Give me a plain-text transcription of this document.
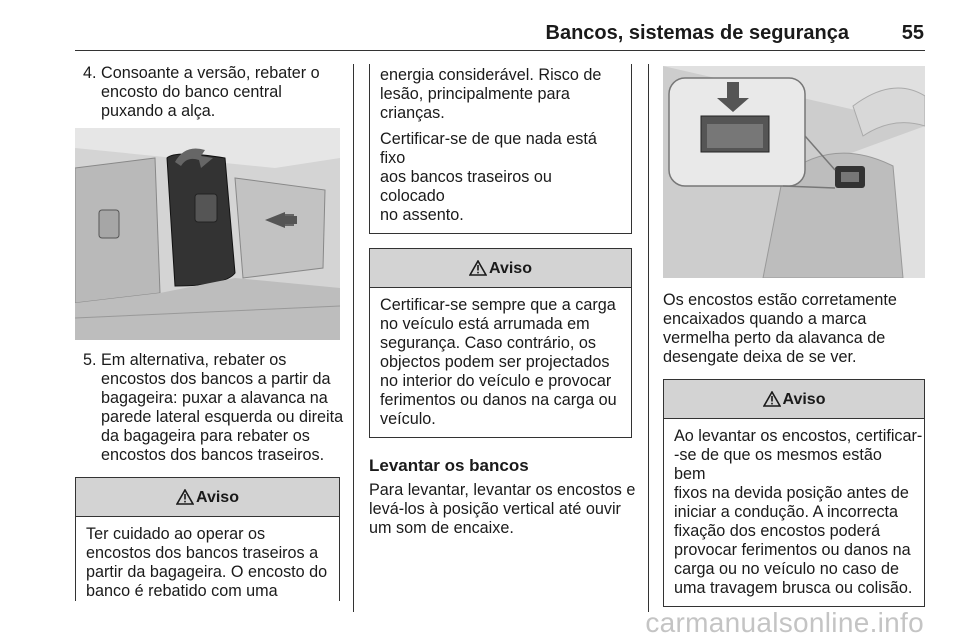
Bancos, sistemas de segurança	55
4. Consoante a versão, rebater o
encosto do banco central
puxando a alça.
5. Em alternativa, rebater os
encostos dos bancos a partir da
bagageira: puxar a alavanca na
parede lateral esquerda ou direita
da bagageira para rebater os
encostos dos bancos traseiros.
Aviso
Ter cuidado ao operar os
encostos dos bancos traseiros a
partir da bagageira. O encosto do
banco é rebatido com uma
energia considerável. Risco de
lesão, principalmente para
crianças.
Certificar-se de que nada está fixo
aos bancos traseiros ou colocado
no assento.
Aviso
Certificar-se sempre que a carga
no veículo está arrumada em
segurança. Caso contrário, os
objectos podem ser projectados
no interior do veículo e provocar
ferimentos ou danos na carga ou
veículo.
Levantar os bancos
Para levantar, levantar os encostos e
levá-los à posição vertical até ouvir
um som de encaixe.
Os encostos estão corretamente
encaixados quando a marca
vermelha perto da alavanca de
desengate deixa de se ver.
Aviso
Ao levantar os encostos, certificar-
-se de que os mesmos estão bem
fixos na devida posição antes de
iniciar a condução. A incorrecta
fixação dos encostos poderá
provocar ferimentos ou danos na
carga ou no veículo no caso de
uma travagem brusca ou colisão.
carmanualsonline.info
